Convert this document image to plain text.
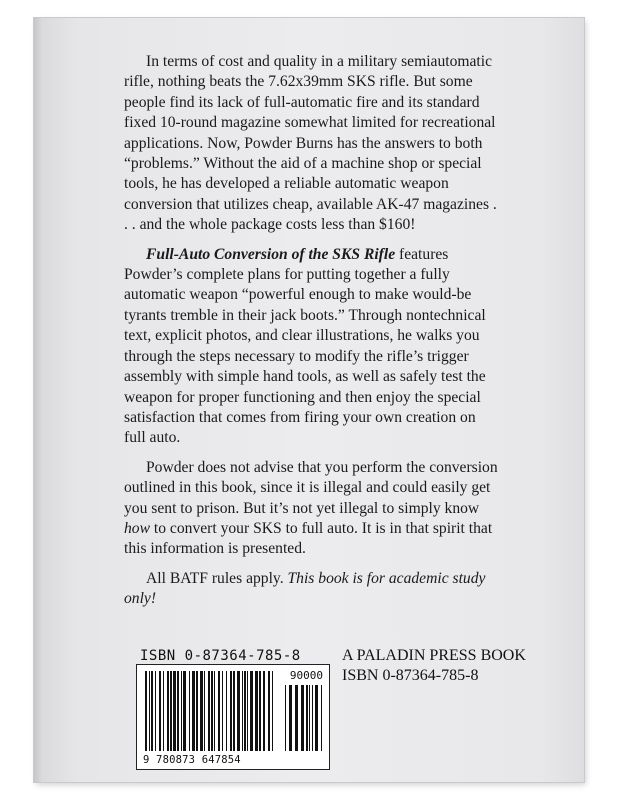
In terms of cost and quality in a military semiautomatic rifle, nothing beats the 7.62x39mm SKS rifle. But some people find its lack of full-automatic fire and its standard fixed 10-round magazine somewhat limited for recreational applications. Now, Powder Burns has the answers to both “problems.” Without the aid of a machine shop or special tools, he has developed a reliable automatic weapon conversion that utilizes cheap, available AK-47 magazines . . . and the whole package costs less than $160!

Full-Auto Conversion of the SKS Rifle features Powder’s complete plans for putting together a fully automatic weapon “powerful enough to make would-be tyrants tremble in their jack boots.” Through nontechnical text, explicit photos, and clear illustrations, he walks you through the steps necessary to modify the rifle’s trigger assembly with simple hand tools, as well as safely test the weapon for proper functioning and then enjoy the special satisfaction that comes from firing your own creation on full auto.

Powder does not advise that you perform the conversion outlined in this book, since it is illegal and could easily get you sent to prison. But it’s not yet illegal to simply know how to convert your SKS to full auto. It is in that spirit that this information is presented.

All BATF rules apply. This book is for academic study only!

ISBN 0-87364-785-8
90000
9 780873 647854
A PALADIN PRESS BOOK
ISBN 0-87364-785-8
